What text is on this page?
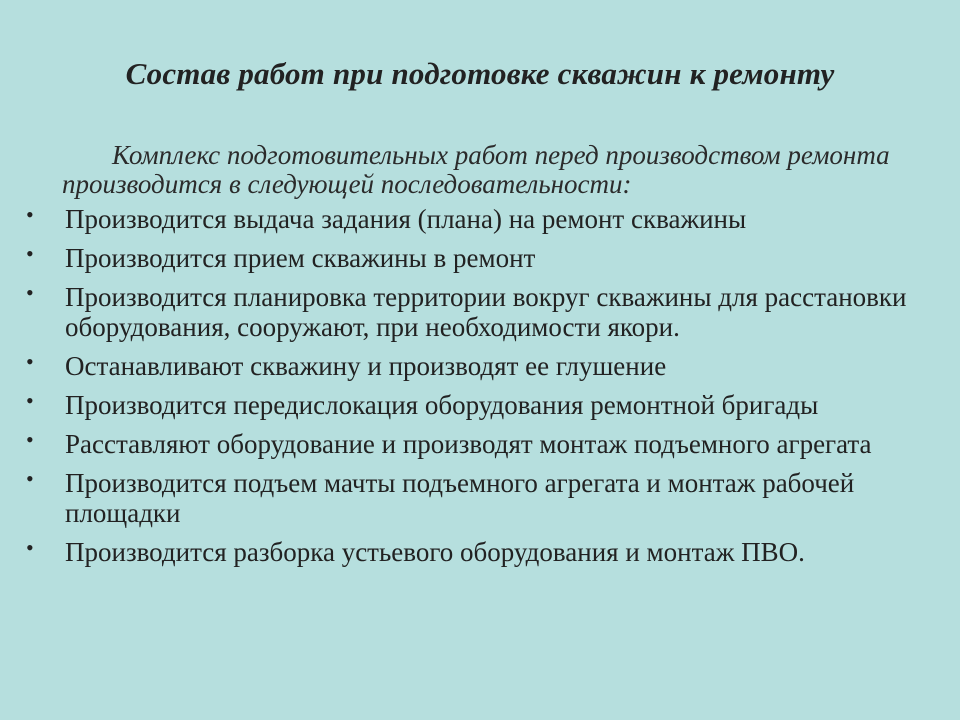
Состав работ при подготовке скважин к ремонту
Комплекс подготовительных работ перед производством ремонта производится в следующей последовательности:
• Производится выдача задания (плана) на ремонт скважины
• Производится прием скважины в ремонт
• Производится планировка территории вокруг скважины для расстановки оборудования, сооружают, при необходимости якори.
• Останавливают скважину и производят ее глушение
• Производится передислокация оборудования ремонтной бригады
• Расставляют оборудование и производят монтаж подъемного агрегата
• Производится подъем мачты подъемного агрегата и монтаж рабочей площадки
• Производится разборка устьевого оборудования и монтаж ПВО.
